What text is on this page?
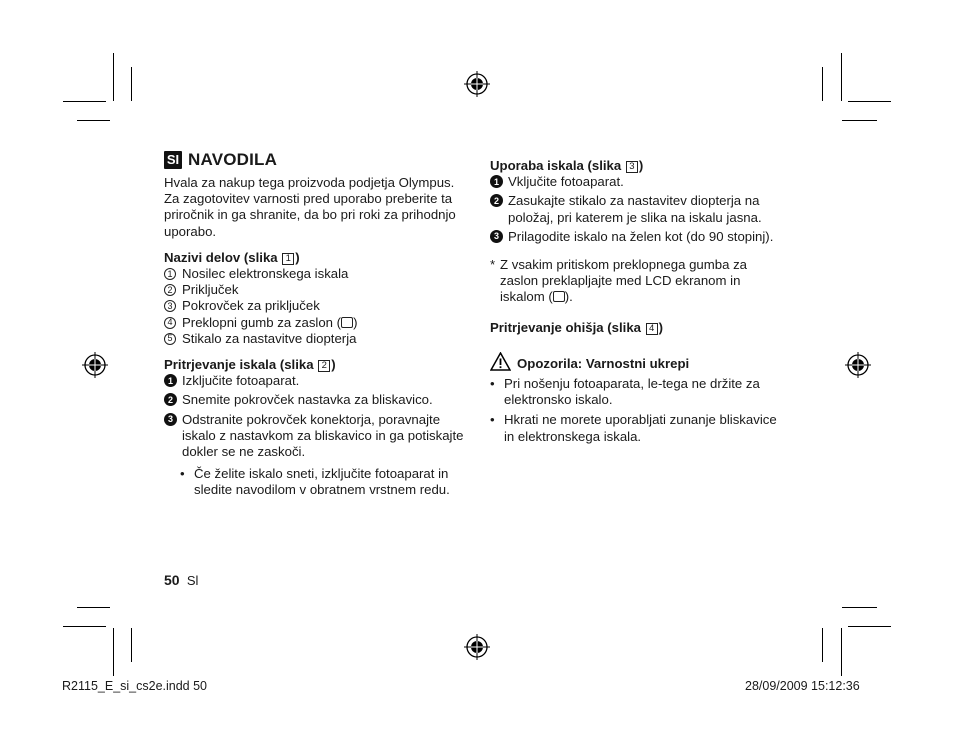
SI NAVODILA

Hvala za nakup tega proizvoda podjetja Olympus. Za zagotovitev varnosti pred uporabo preberite ta priročnik in ga shranite, da bo pri roki za prihodnjo uporabo.

Nazivi delov (slika 1 )
1 Nosilec elektronskega iskala
2 Priključek
3 Pokrovček za priključek
4 Preklopni gumb za zaslon ( )
5 Stikalo za nastavitve diopterja
Pritrjevanje iskala (slika 2 )
1 Izključite fotoaparat.
2 Snemite pokrovček nastavka za bliskavico.
3 Odstranite pokrovček konektorja, poravnajte iskalo z nastavkom za bliskavico in ga potiskajte dokler se ne zaskoči.
• Če želite iskalo sneti, izključite fotoaparat in sledite navodilom v obratnem vrstnem redu.
Uporaba iskala (slika 3 )
1 Vključite fotoaparat.
2 Zasukajte stikalo za nastavitev diopterja na položaj, pri katerem je slika na iskalu jasna.
3 Prilagodite iskalo na želen kot (do 90 stopinj).
* Z vsakim pritiskom preklopnega gumba za zaslon preklapljajte med LCD ekranom in iskalom ( ).
Pritrjevanje ohišja (slika 4 )
Opozorila: Varnostni ukrepi
• Pri nošenju fotoaparata, le-tega ne držite za elektronsko iskalo.
• Hkrati ne morete uporabljati zunanje bliskavice in elektronskega iskala.
50 Sl
R2115_E_si_cs2e.indd 50	28/09/2009 15:12:36
